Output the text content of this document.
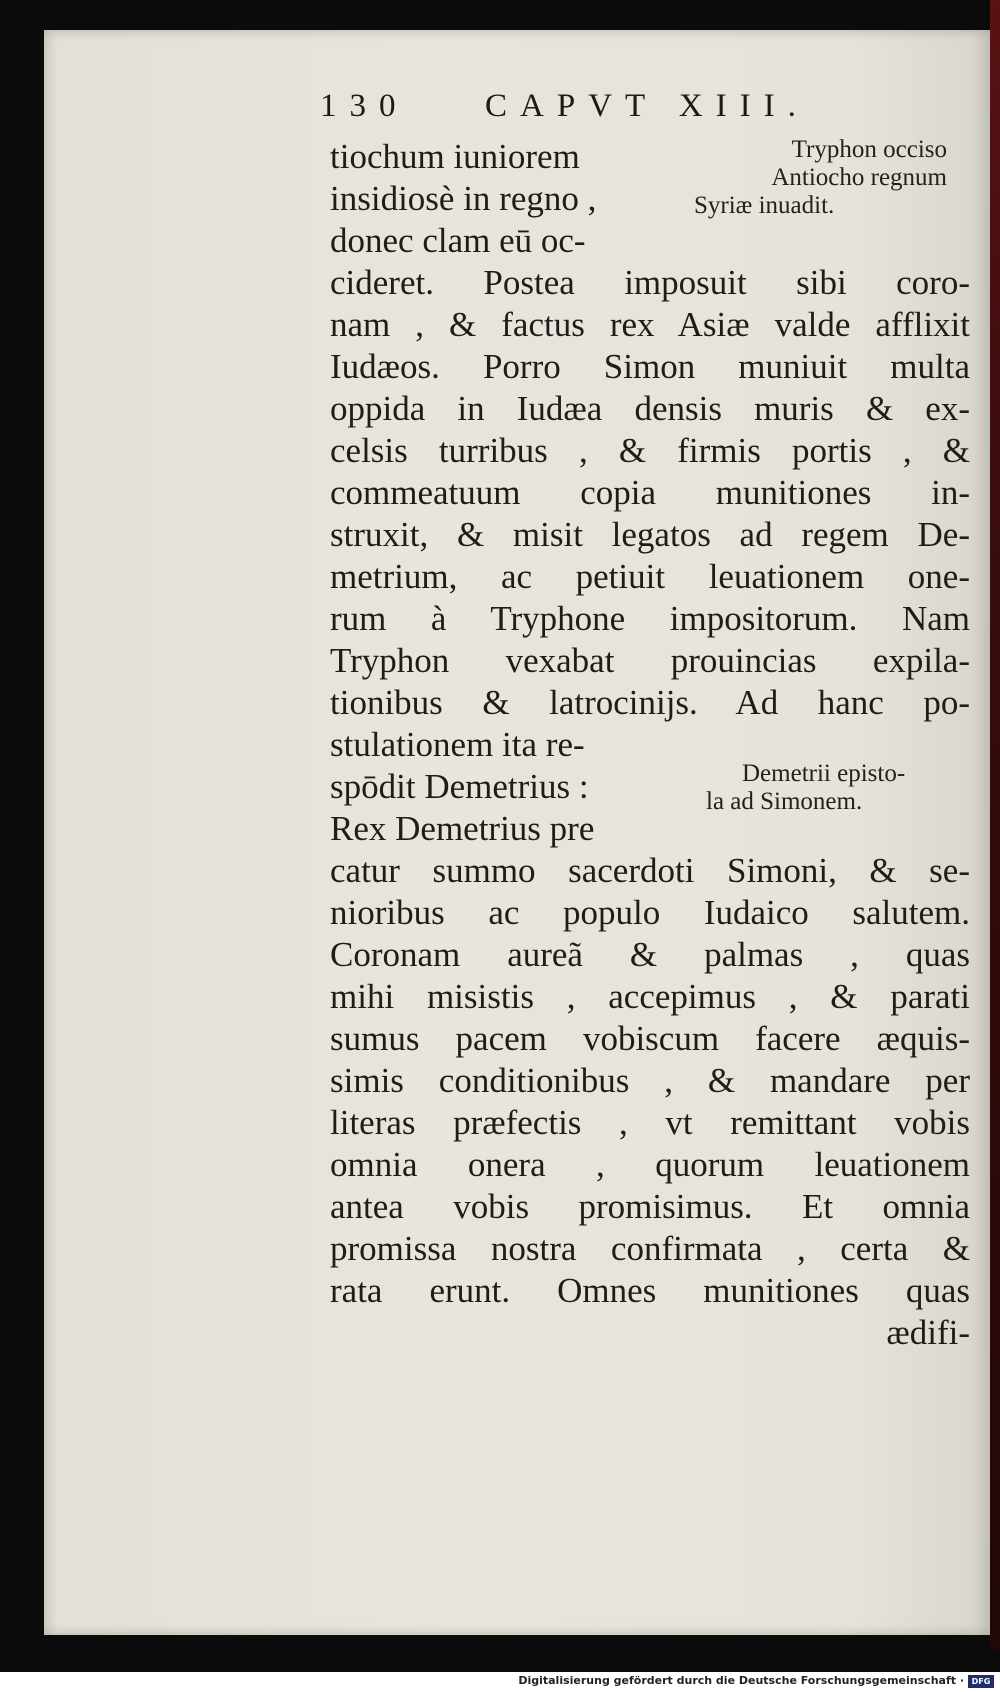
130 CAPVT XIII.
tiochum iuniorem
insidiosè in regno ,
donec clam eū oc-
cideret. Postea imposuit sibi coro-
nam , & factus rex Asiæ valde afflixit
Iudæos. Porro Simon muniuit multa
oppida in Iudæa densis muris & ex-
celsis turribus , & firmis portis , &
commeatuum copia munitiones in-
struxit, & misit legatos ad regem De-
metrium, ac petiuit leuationem one-
rum à Tryphone impositorum. Nam
Tryphon vexabat prouincias expila-
tionibus & latrocinijs. Ad hanc po-
stulationem ita re-
spōdit Demetrius :
Rex Demetrius pre
catur summo sacerdoti Simoni, & se-
nioribus ac populo Iudaico salutem.
Coronam aureã & palmas , quas
mihi misistis , accepimus , & parati
sumus pacem vobiscum facere æquis-
simis conditionibus , & mandare per
literas præfectis , vt remittant vobis
omnia onera , quorum leuationem
antea vobis promisimus. Et omnia
promissa nostra confirmata , certa &
rata erunt. Omnes munitiones quas
ædifi-
Tryphon occiso
Antiocho regnum
Syriæ inuadit.
Demetrii episto-
la ad Simonem.
Digitalisierung gefördert durch die Deutsche Forschungsgemeinschaft · DFG
